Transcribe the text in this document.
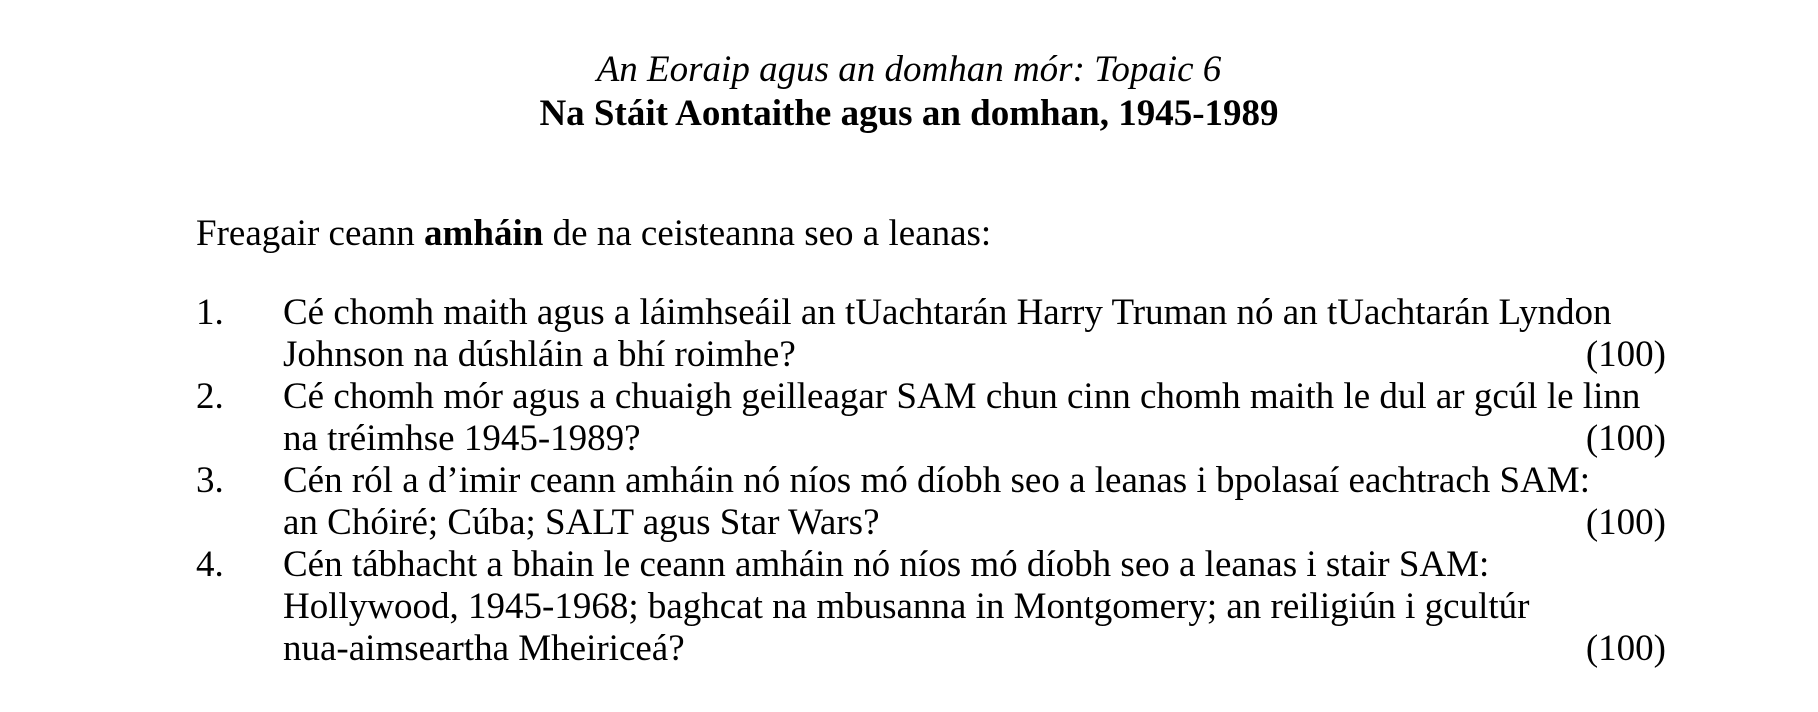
An Eoraip agus an domhan mór: Topaic 6
Na Stáit Aontaithe agus an domhan, 1945-1989
Freagair ceann amháin de na ceisteanna seo a leanas:
1.	Cé chomh maith agus a láimhseáil an tUachtarán Harry Truman nó an tUachtarán Lyndon
Johnson na dúshláin a bhí roimhe?	(100)
2.	Cé chomh mór agus a chuaigh geilleagar SAM chun cinn chomh maith le dul ar gcúl le linn
na tréimhse 1945-1989?	(100)
3.	Cén ról a d’imir ceann amháin nó níos mó díobh seo a leanas i bpolasaí eachtrach SAM:
an Chóiré; Cúba; SALT agus Star Wars?	(100)
4.	Cén tábhacht a bhain le ceann amháin nó níos mó díobh seo a leanas i stair SAM:
Hollywood, 1945-1968; baghcat na mbusanna in Montgomery; an reiligiún i gcultúr
nua-aimseartha Mheiriceá?	(100)
